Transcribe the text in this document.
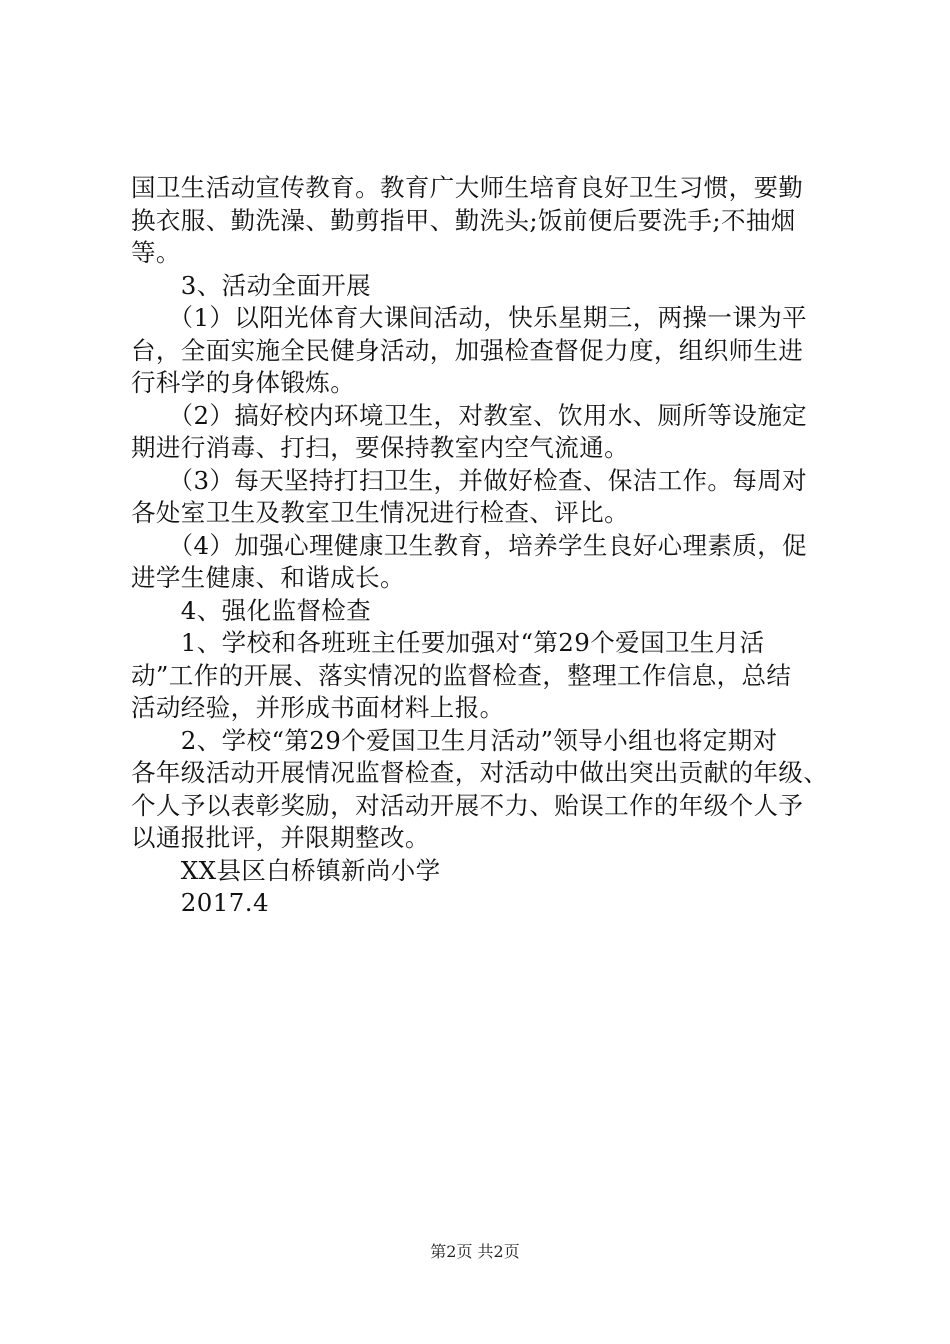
国卫生活动宣传教育。教育广大师生培育良好卫生习惯，要勤
换衣服、勤洗澡、勤剪指甲、勤洗头;饭前便后要洗手;不抽烟
等。
　　3、活动全面开展
　　（1）以阳光体育大课间活动，快乐星期三，两操一课为平
台，全面实施全民健身活动，加强检查督促力度，组织师生进
行科学的身体锻炼。
　　（2）搞好校内环境卫生，对教室、饮用水、厕所等设施定
期进行消毒、打扫，要保持教室内空气流通。
　　（3）每天坚持打扫卫生，并做好检查、保洁工作。每周对
各处室卫生及教室卫生情况进行检查、评比。
　　（4）加强心理健康卫生教育，培养学生良好心理素质，促
进学生健康、和谐成长。
　　4、强化监督检查
　　1、学校和各班班主任要加强对“第29个爱国卫生月活
动”工作的开展、落实情况的监督检查，整理工作信息，总结
活动经验，并形成书面材料上报。
　　2、学校“第29个爱国卫生月活动”领导小组也将定期对
各年级活动开展情况监督检查，对活动中做出突出贡献的年级、
个人予以表彰奖励，对活动开展不力、贻误工作的年级个人予
以通报批评，并限期整改。
　　XX县区白桥镇新尚小学
　　2017.4
第2页 共2页
